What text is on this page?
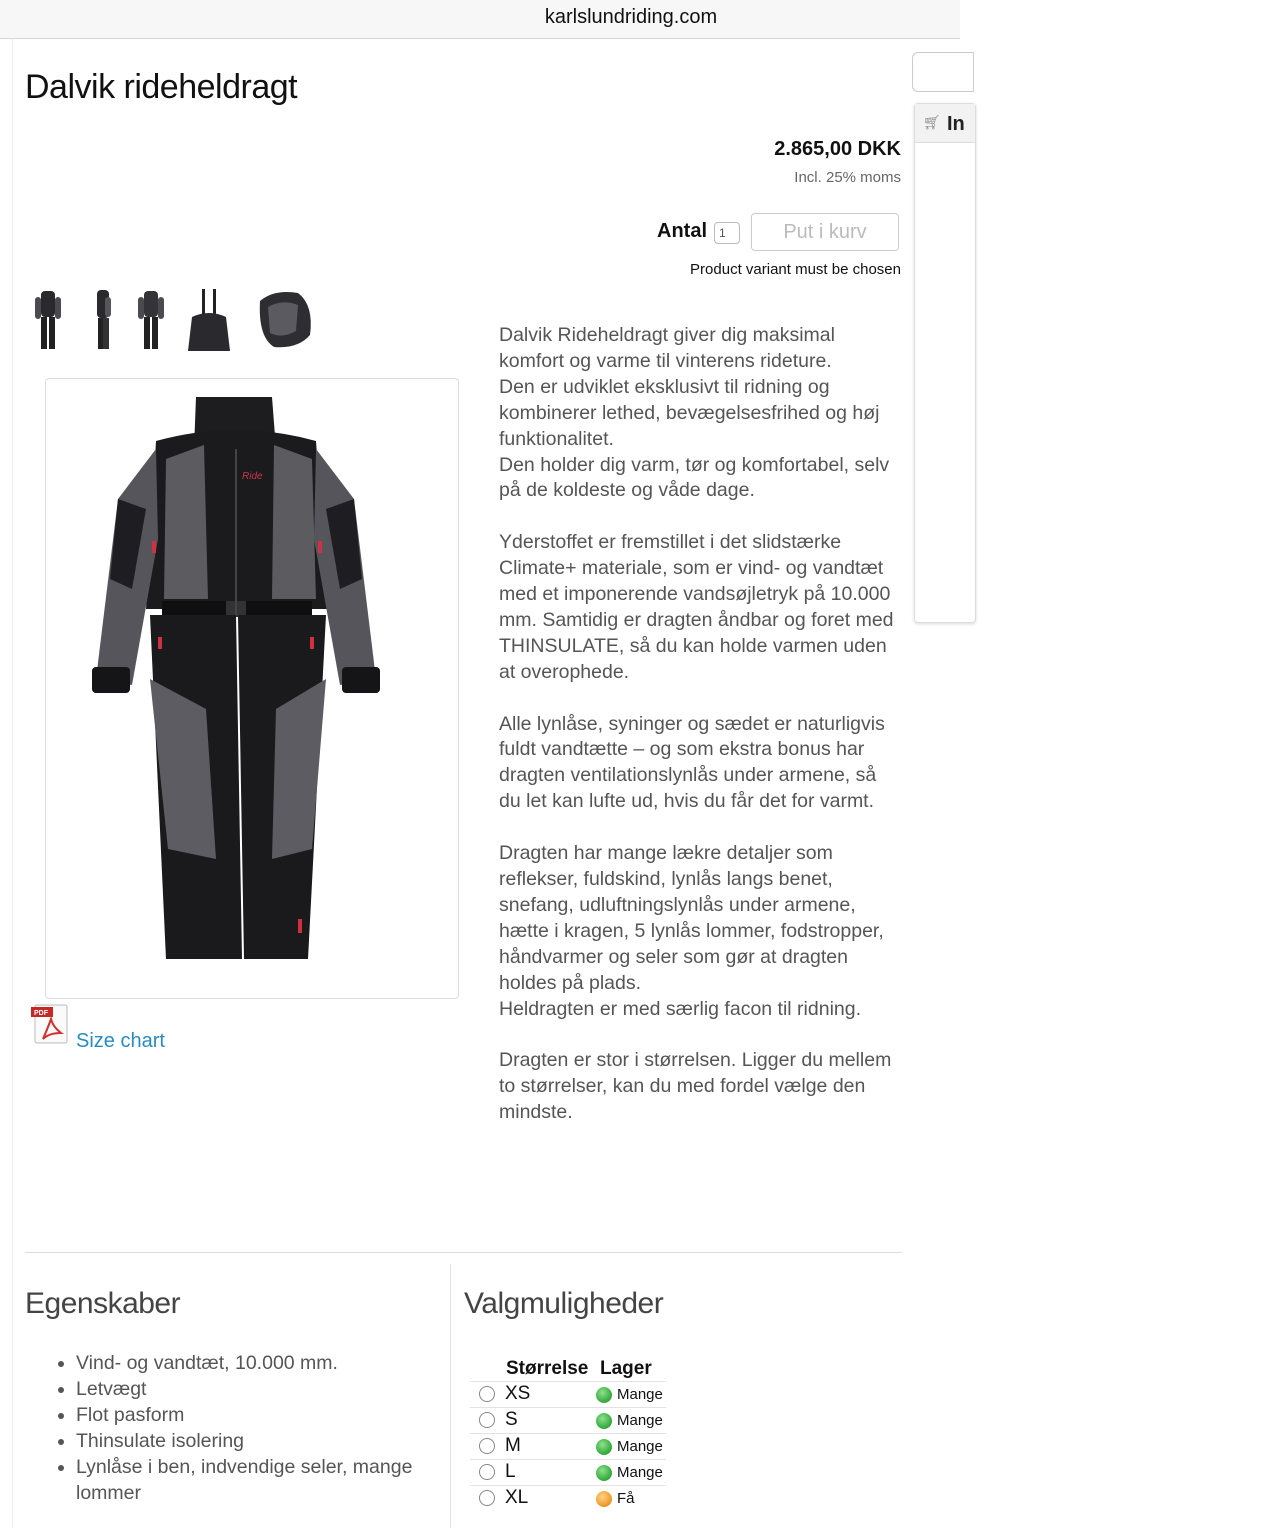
karlslundriding.com
🛒︎ In
Dalvik rideheldragt
2.865,00 DKK
Incl. 25% moms
Antal
1	Put i kurv
Product variant must be chosen
Ride
PDF
Size chart

Dalvik Rideheldragt giver dig maksimal komfort og varme til vinterens rideture.
Den er udviklet eksklusivt til ridning og kombinerer lethed, bevægelsesfrihed og høj funktionalitet.
Den holder dig varm, tør og komfortabel, selv på de koldeste og våde dage.

Yderstoffet er fremstillet i det slidstærke Climate+ materiale, som er vind- og vandtæt med et imponerende vandsøjletryk på 10.000 mm. Samtidig er dragten åndbar og foret med THINSULATE, så du kan holde varmen uden at overophede.

Alle lynlåse, syninger og sædet er naturligvis fuldt vandtætte – og som ekstra bonus har dragten ventilationslynlås under armene, så du let kan lufte ud, hvis du får det for varmt.

Dragten har mange lækre detaljer som reflekser, fuldskind, lynlås langs benet, snefang, udluftningslynlås under armene, hætte i kragen, 5 lynlås lommer, fodstropper, håndvarmer og seler som gør at dragten holdes på plads.
Heldragten er med særlig facon til ridning.

Dragten er stor i størrelsen. Ligger du mellem to størrelser, kan du med fordel vælge den mindste.

Egenskaber
• Vind- og vandtæt, 10.000 mm.
• Letvægt
• Flot pasform
• Thinsulate isolering
• Lynlåse i ben, indvendige seler, mange lommer
Valgmuligheder
Størrelse Lager
XS	Mange
S	Mange
M	Mange
L	Mange
XL	Få
